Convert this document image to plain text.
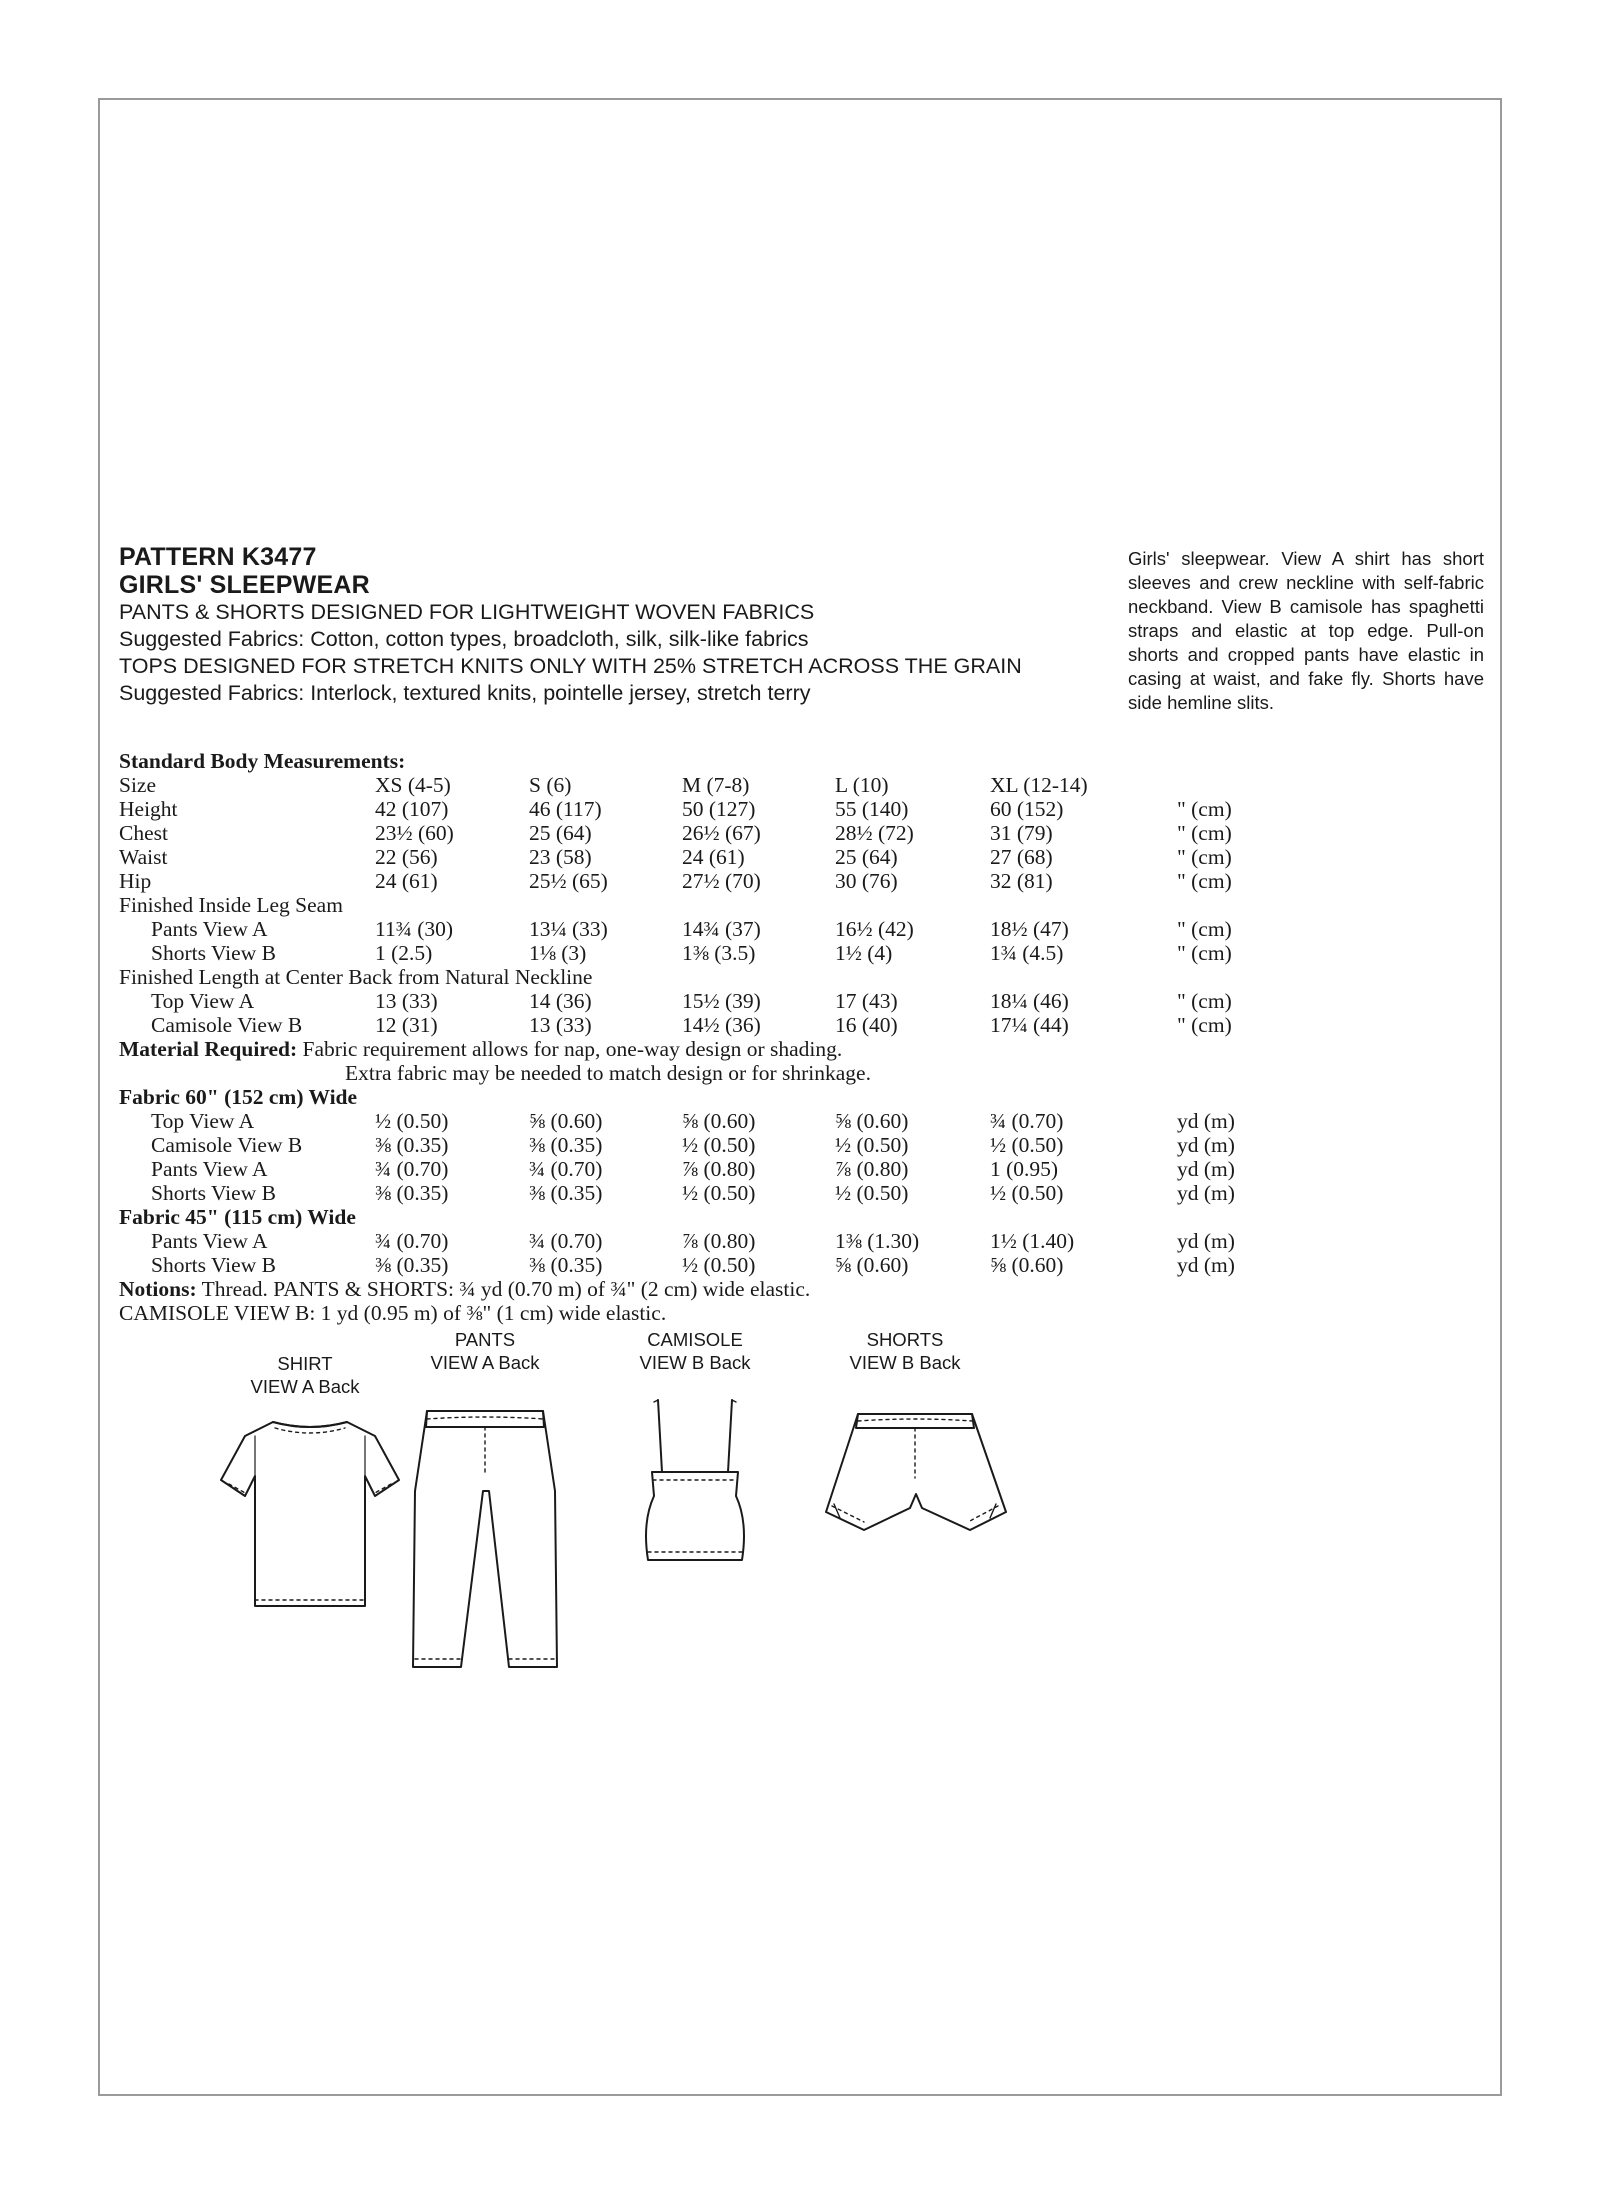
PATTERN K3477
GIRLS' SLEEPWEAR
PANTS & SHORTS DESIGNED FOR LIGHTWEIGHT WOVEN FABRICS
Suggested Fabrics: Cotton, cotton types, broadcloth, silk, silk-like fabrics
TOPS DESIGNED FOR STRETCH KNITS ONLY WITH 25% STRETCH ACROSS THE GRAIN
Suggested Fabrics: Interlock, textured knits, pointelle jersey, stretch terry
Girls' sleepwear. View A shirt has short sleeves and crew neckline with self-fabric neckband. View B camisole has spaghetti straps and elastic at top edge. Pull-on shorts and cropped pants have elastic in casing at waist, and fake fly. Shorts have side hemline slits.
Standard Body Measurements:
Size	XS (4-5)	S (6)	M (7-8)	L (10)	XL (12-14)
Height	42 (107)	46 (117)	50 (127)	55 (140)	60 (152)	" (cm)
Chest	23½ (60)	25 (64)	26½ (67)	28½ (72)	31 (79)	" (cm)
Waist	22 (56)	23 (58)	24 (61)	25 (64)	27 (68)	" (cm)
Hip	24 (61)	25½ (65)	27½ (70)	30 (76)	32 (81)	" (cm)
Finished Inside Leg Seam
Pants View A	11¾ (30)	13¼ (33)	14¾ (37)	16½ (42)	18½ (47)	" (cm)
Shorts View B	1 (2.5)	1⅛ (3)	1⅜ (3.5)	1½ (4)	1¾ (4.5)	" (cm)
Finished Length at Center Back from Natural Neckline
Top View A	13 (33)	14 (36)	15½ (39)	17 (43)	18¼ (46)	" (cm)
Camisole View B	12 (31)	13 (33)	14½ (36)	16 (40)	17¼ (44)	" (cm)
Material Required: Fabric requirement allows for nap, one-way design or shading.
Extra fabric may be needed to match design or for shrinkage.
Fabric 60" (152 cm) Wide
Top View A	½ (0.50)	⅝ (0.60)	⅝ (0.60)	⅝ (0.60)	¾ (0.70)	yd (m)
Camisole View B	⅜ (0.35)	⅜ (0.35)	½ (0.50)	½ (0.50)	½ (0.50)	yd (m)
Pants View A	¾ (0.70)	¾ (0.70)	⅞ (0.80)	⅞ (0.80)	1 (0.95)	yd (m)
Shorts View B	⅜ (0.35)	⅜ (0.35)	½ (0.50)	½ (0.50)	½ (0.50)	yd (m)
Fabric 45" (115 cm) Wide
Pants View A	¾ (0.70)	¾ (0.70)	⅞ (0.80)	1⅜ (1.30)	1½ (1.40)	yd (m)
Shorts View B	⅜ (0.35)	⅜ (0.35)	½ (0.50)	⅝ (0.60)	⅝ (0.60)	yd (m)
Notions: Thread. PANTS & SHORTS: ¾ yd (0.70 m) of ¾" (2 cm) wide elastic.
CAMISOLE VIEW B: 1 yd (0.95 m) of ⅜" (1 cm) wide elastic.
SHIRT
VIEW A Back
PANTS
VIEW A Back
CAMISOLE
VIEW B Back
SHORTS
VIEW B Back
